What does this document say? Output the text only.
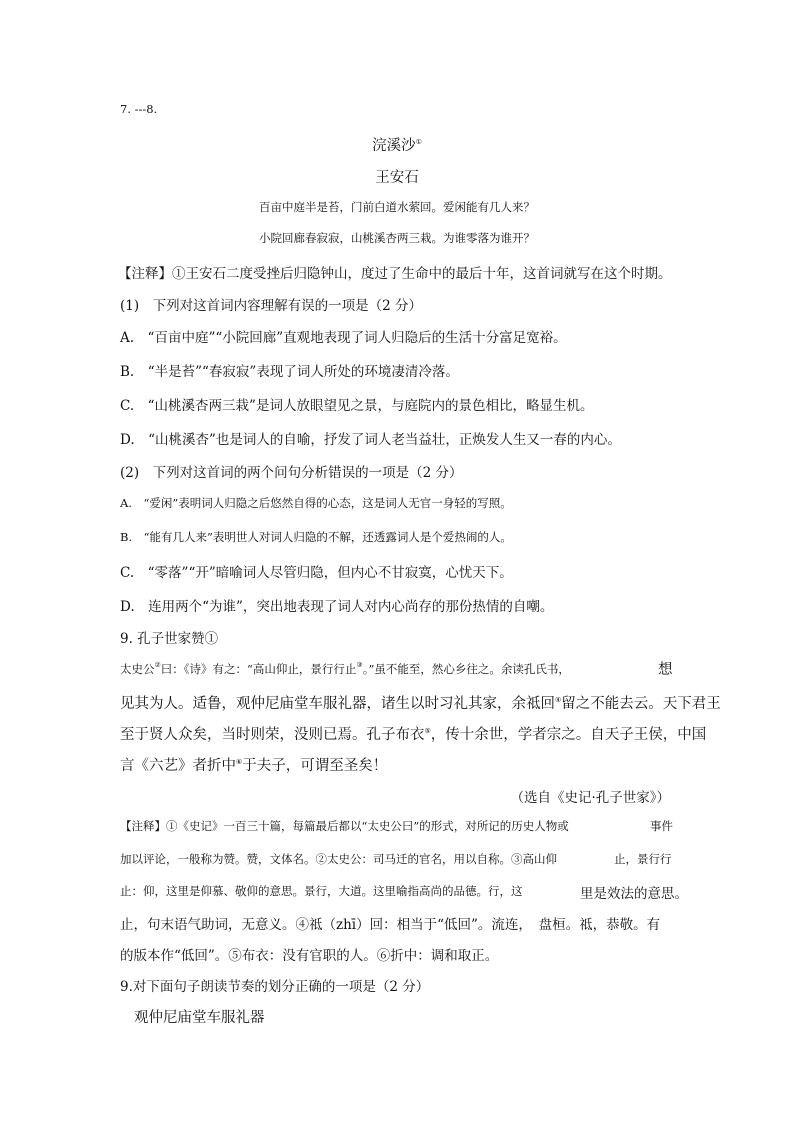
7. ---8.
浣溪沙①
王安石
百亩中庭半是苔，门前白道水萦回。爱闲能有几人来？
小院回廊春寂寂，山桃溪杏两三栽。为谁零落为谁开？
【注释】①王安石二度受挫后归隐钟山，度过了生命中的最后十年，这首词就写在这个时期。
(1)　下列对这首词内容理解有误的一项是（2 分）
A.　“百亩中庭”“小院回廊”直观地表现了词人归隐后的生活十分富足宽裕。
B.　“半是苔”“春寂寂”表现了词人所处的环境凄清冷落。
C.　“山桃溪杏两三栽”是词人放眼望见之景，与庭院内的景色相比，略显生机。
D.　“山桃溪杏”也是词人的自喻，抒发了词人老当益壮，正焕发人生又一春的内心。
(2)　下列对这首词的两个问句分析错误的一项是（2 分）
A.　“爱闲”表明词人归隐之后悠然自得的心态，这是词人无官一身轻的写照。
B.　“能有几人来”表明世人对词人归隐的不解，还透露词人是个爱热闹的人。
C.　“零落”“开”暗喻词人尽管归隐，但内心不甘寂寞，心忧天下。
D.　连用两个“为谁”，突出地表现了词人对内心尚存的那份热情的自嘲。
9. 孔子世家赞①
太史公②曰：《诗》有之：“高山仰止，景行行止③。”虽不能至，然心乡往之。余读孔氏书，	想
见其为人。适鲁，观仲尼庙堂车服礼器，诸生以时习礼其家，余祗回④留之不能去云。天下君王
至于贤人众矣，当时则荣，没则已焉。孔子布衣⑤，传十余世，学者宗之。自天子王侯，中国
言《六艺》者折中⑥于夫子，可谓至圣矣！
（选自《史记·孔子世家》）
【注释】①《史记》一百三十篇，每篇最后都以“太史公曰”的形式，对所记的历史人物或	事件
加以评论，一般称为赞。赞，文体名。②太史公：司马迁的官名，用以自称。③高山仰	止，景行行
止：仰，这里是仰慕、敬仰的意思。景行，大道。这里喻指高尚的品德。行，这	里是效法的意思。
止，句末语气助词，无意义。④祗（zhī）回：相当于“低回”。流连，　盘桓。祗，恭敬。有
的版本作“低回”。⑤布衣：没有官职的人。⑥折中：调和取正。
9.对下面句子朗读节奏的划分正确的一项是（2 分）
观仲尼庙堂车服礼器
